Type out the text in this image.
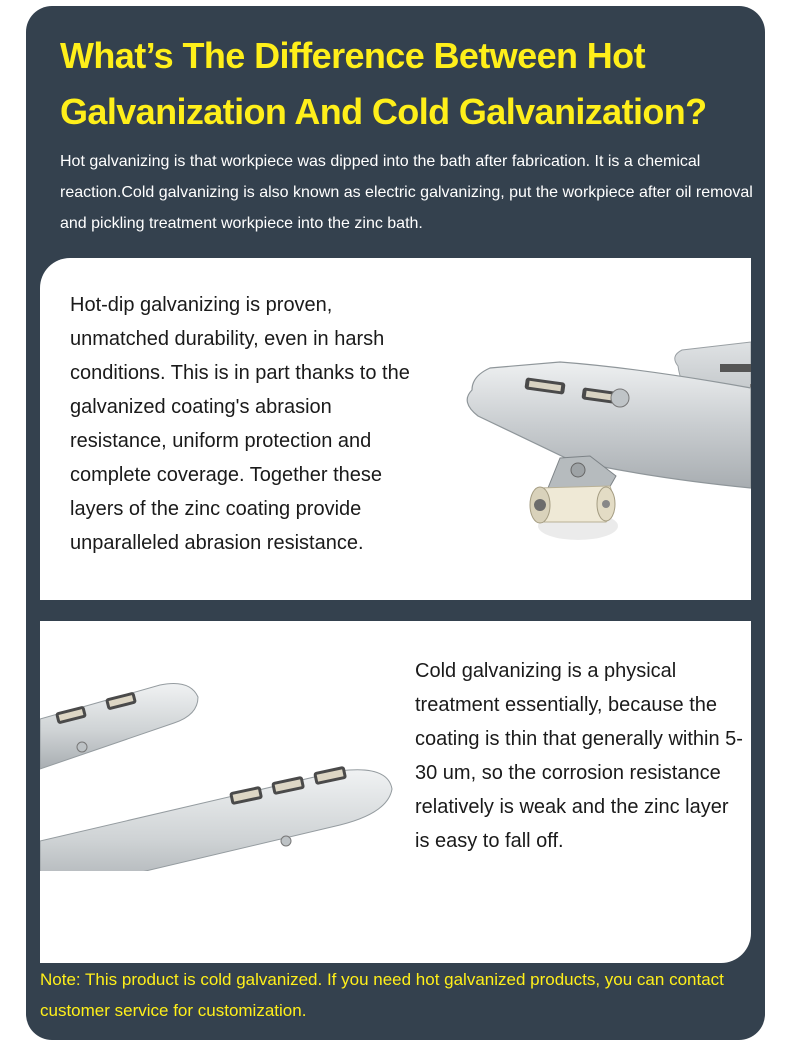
What’s The Difference Between Hot Galvanization And Cold Galvanization?

Hot galvanizing is that workpiece was dipped into the bath after fabrication. It is a chemical reaction.Cold galvanizing is also known as electric galvanizing, put the workpiece after oil removal and pickling treatment workpiece into the zinc bath.

Hot-dip galvanizing is proven, unmatched durability, even in harsh conditions. This is in part thanks to the galvanized coating's abrasion resistance, uniform protection and complete coverage. Together these layers of the zinc coating provide unparalleled abrasion resistance.

Cold galvanizing is a physical treatment essentially, because the coating is thin that generally within 5-30 um, so the corrosion resistance relatively is weak and the zinc layer is easy to fall off.

Note: This product is cold galvanized. If you need hot galvanized products, you can contact customer service for customization.
